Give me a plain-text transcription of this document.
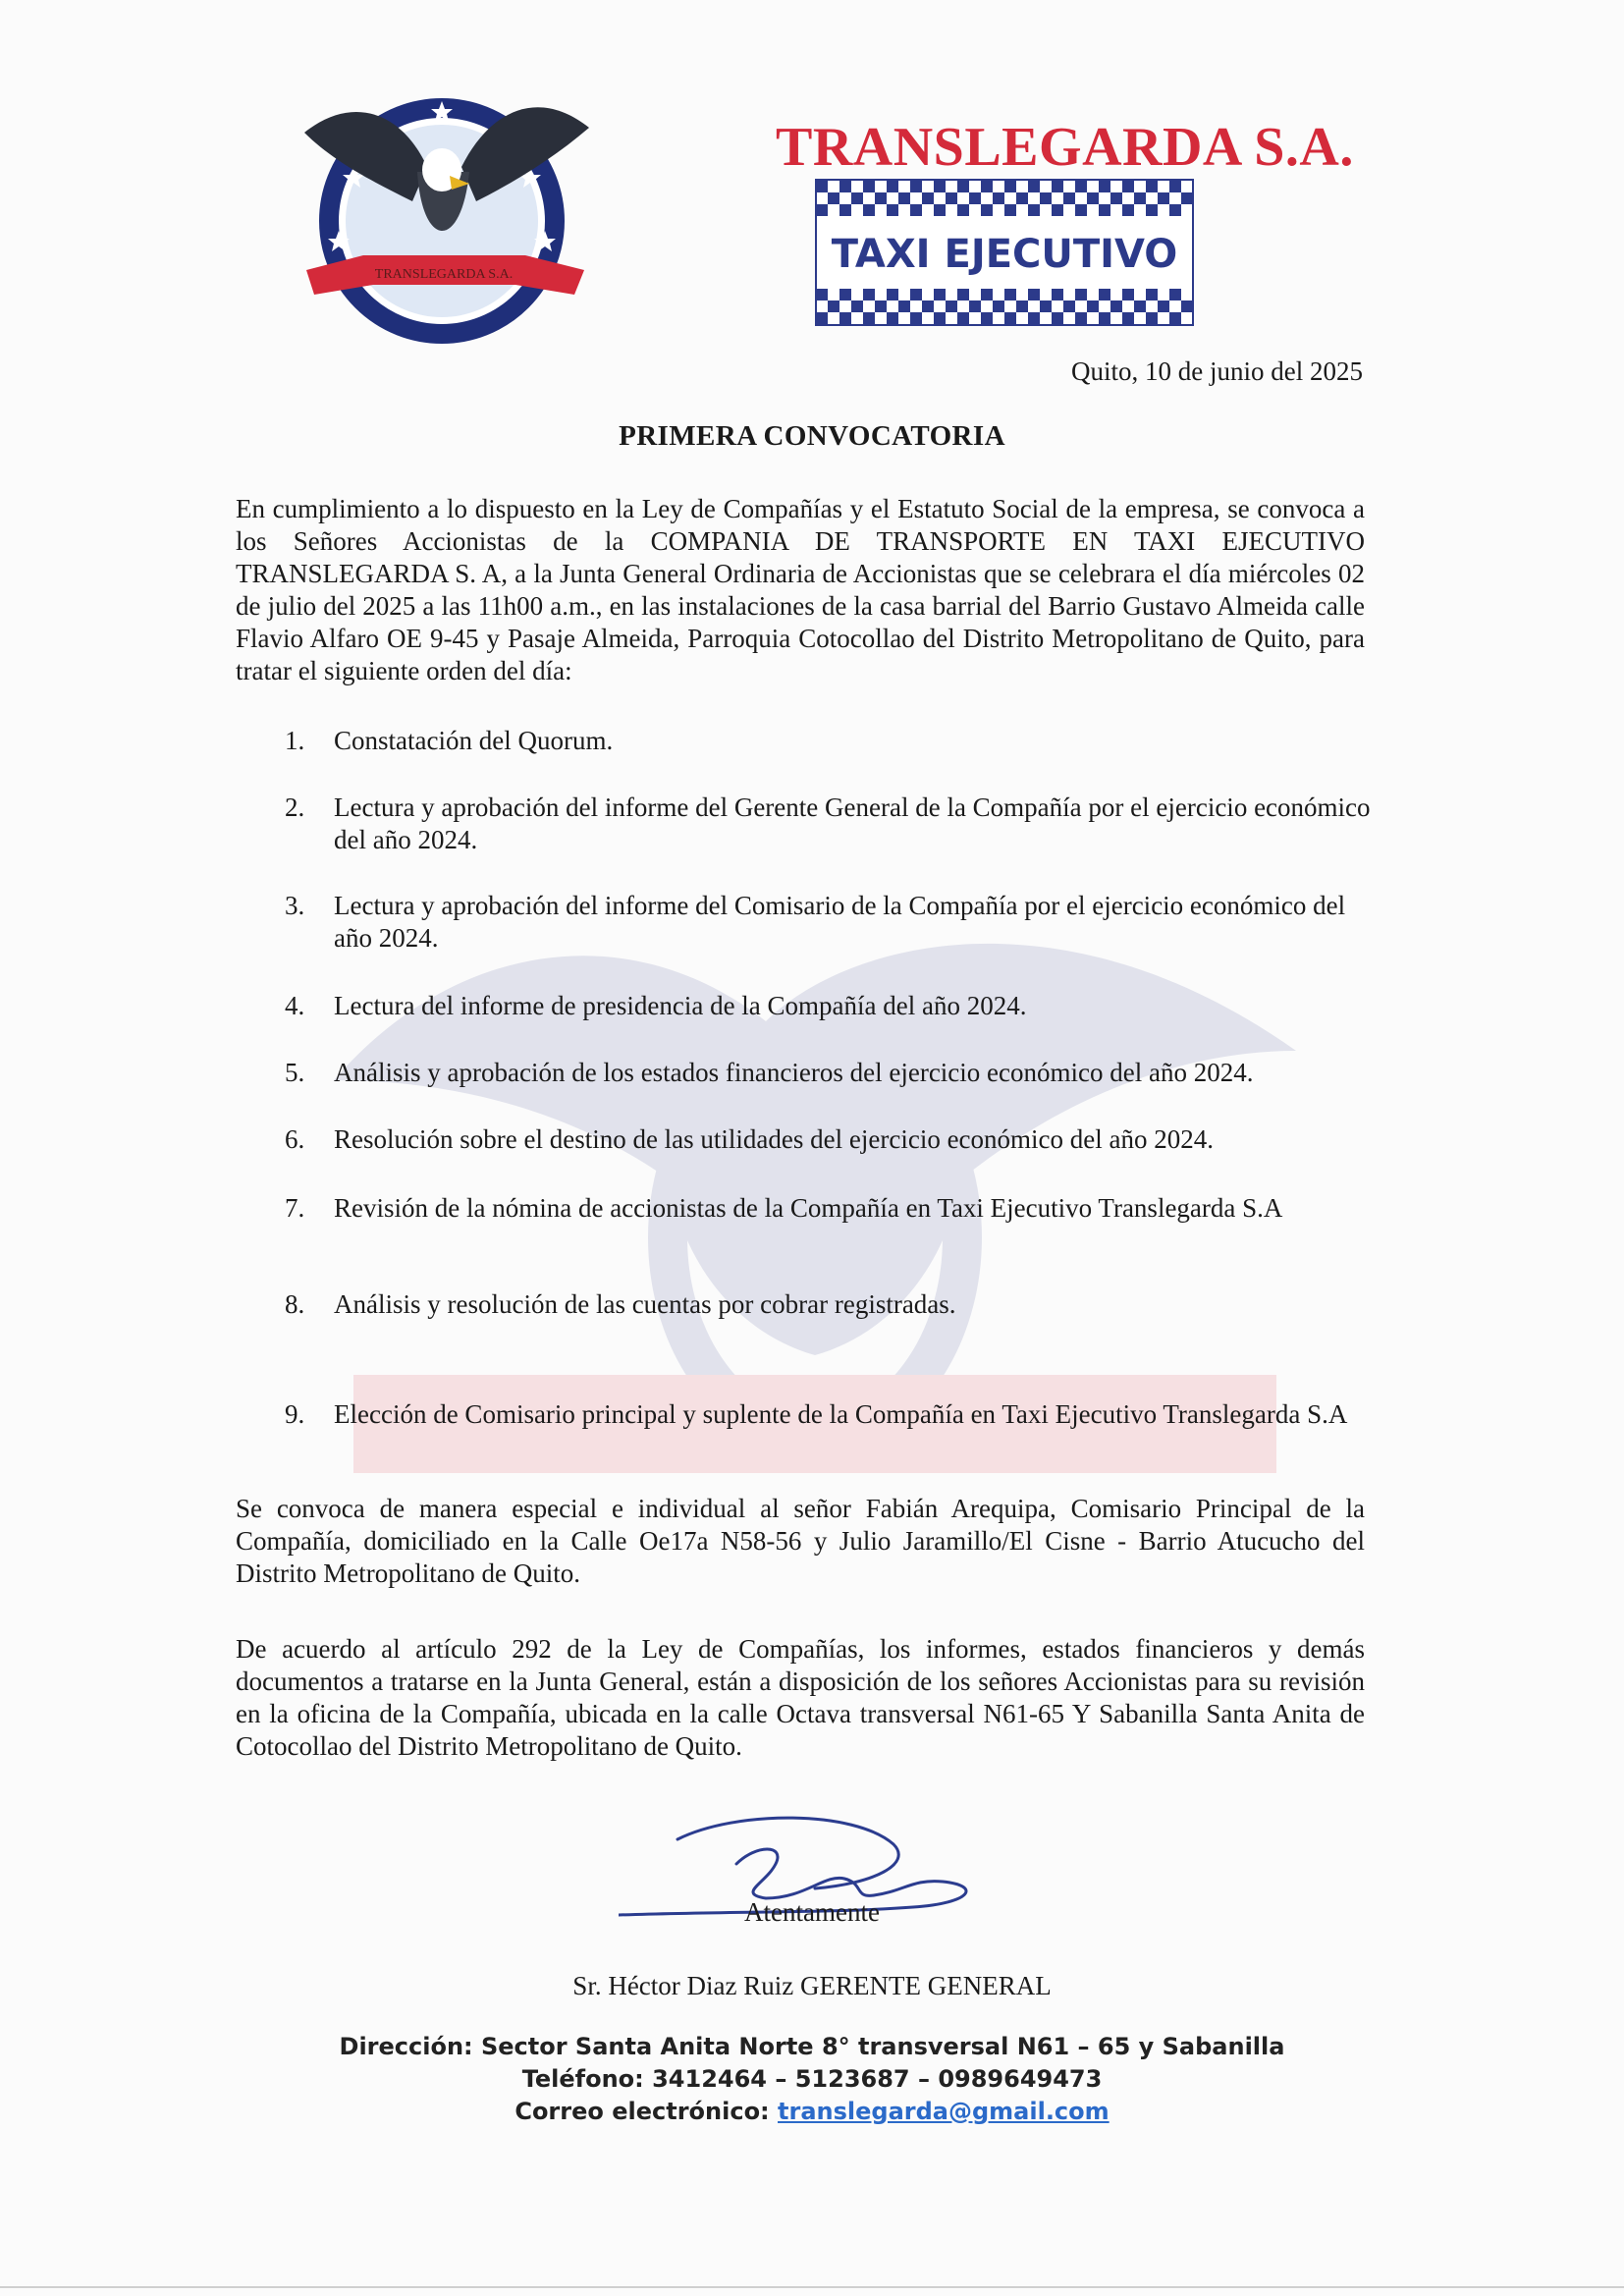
TRANSLEGARDA S.A.
TRANSLEGARDA S.A.
TAXI EJECUTIVO
Quito, 10 de junio del 2025
PRIMERA CONVOCATORIA

En cumplimiento a lo dispuesto en la Ley de Compañías y el Estatuto Social de la empresa, se convoca a los Señores Accionistas de la COMPANIA DE TRANSPORTE EN TAXI EJECUTIVO TRANSLEGARDA S. A, a la Junta General Ordinaria de Accionistas que se celebrara el día miércoles 02 de julio del 2025 a las 11h00 a.m., en las instalaciones de la casa barrial del Barrio Gustavo Almeida calle Flavio Alfaro OE 9-45 y Pasaje Almeida, Parroquia Cotocollao del Distrito Metropolitano de Quito, para tratar el siguiente orden del día:

1.	Constatación del Quorum.
2.	Lectura y aprobación del informe del Gerente General de la Compañía por el ejercicio económico del año 2024.
3.	Lectura y aprobación del informe del Comisario de la Compañía por el ejercicio económico del año 2024.
4.	Lectura del informe de presidencia de la Compañía del año 2024.
5.	Análisis y aprobación de los estados financieros del ejercicio económico del año 2024.
6.	Resolución sobre el destino de las utilidades del ejercicio económico del año 2024.
7.	Revisión de la nómina de accionistas de la Compañía en Taxi Ejecutivo Translegarda S.A
8.	Análisis y resolución de las cuentas por cobrar registradas.
9.	Elección de Comisario principal y suplente de la Compañía en Taxi Ejecutivo Translegarda S.A

Se convoca de manera especial e individual al señor Fabián Arequipa, Comisario Principal de la Compañía, domiciliado en la Calle Oe17a N58-56 y Julio Jaramillo/El Cisne - Barrio Atucucho del Distrito Metropolitano de Quito.

De acuerdo al artículo 292 de la Ley de Compañías, los informes, estados financieros y demás documentos a tratarse en la Junta General, están a disposición de los señores Accionistas para su revisión en la oficina de la Compañía, ubicada en la calle Octava transversal N61-65 Y Sabanilla Santa Anita de Cotocollao del Distrito Metropolitano de Quito.

Atentamente
Sr. Héctor Diaz Ruiz GERENTE GENERAL
Dirección: Sector Santa Anita Norte 8° transversal N61 – 65 y Sabanilla
Teléfono: 3412464 – 5123687 – 0989649473
Correo electrónico: translegarda@gmail.com
